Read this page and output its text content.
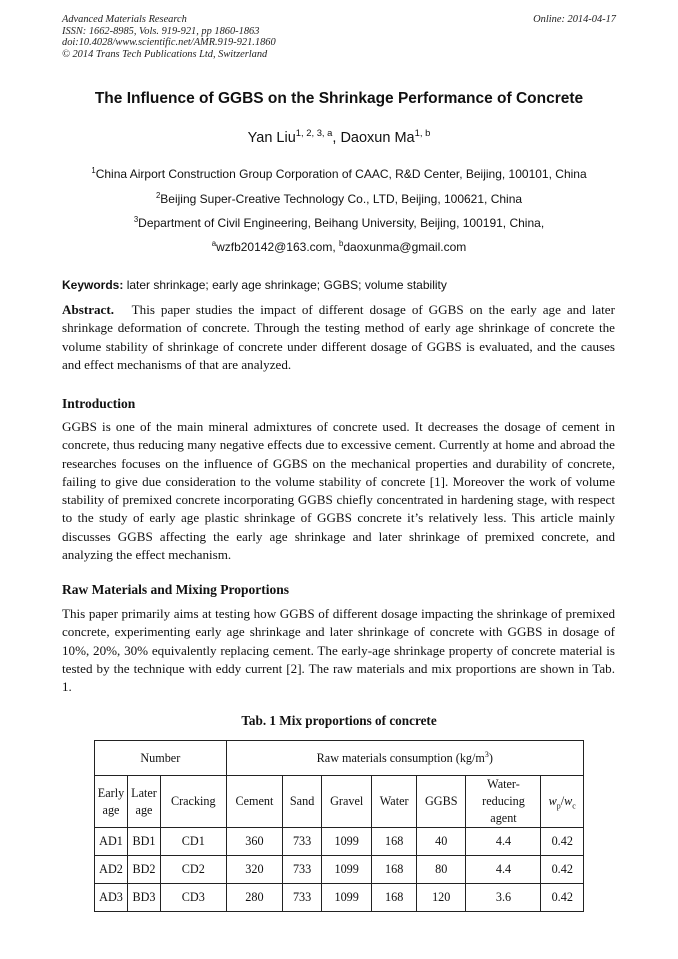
Advanced Materials Research
ISSN: 1662-8985, Vols. 919-921, pp 1860-1863
doi:10.4028/www.scientific.net/AMR.919-921.1860
© 2014 Trans Tech Publications Ltd, Switzerland
Online: 2014-04-17
The Influence of GGBS on the Shrinkage Performance of Concrete
Yan Liu$^{1, 2, 3, a}$, Daoxun Ma$^{1, b}$
$^1$China Airport Construction Group Corporation of CAAC, R&D Center, Beijing, 100101, China
$^2$Beijing Super-Creative Technology Co., LTD, Beijing, 100621, China
$^3$Department of Civil Engineering, Beihang University, Beijing, 100191, China,
$^a$wzfb20142@163.com, $^b$daoxunma@gmail.com
Keywords: later shrinkage; early age shrinkage; GGBS; volume stability
Abstract. This paper studies the impact of different dosage of GGBS on the early age and later shrinkage deformation of concrete. Through the testing method of early age shrinkage of concrete the volume stability of shrinkage of concrete under different dosage of GGBS is evaluated, and the causes and effect mechanisms of that are analyzed.
Introduction
GGBS is one of the main mineral admixtures of concrete used. It decreases the dosage of cement in concrete, thus reducing many negative effects due to excessive cement. Currently at home and abroad the researches focuses on the influence of GGBS on the mechanical properties and durability of concrete, failing to give due consideration to the volume stability of concrete [1]. Moreover the work of volume stability of premixed concrete incorporating GGBS chiefly concentrated in hardening stage, with respect to the study of early age plastic shrinkage of GGBS concrete it’s relatively less. This article mainly discusses GGBS affecting the early age shrinkage and later shrinkage of premixed concrete, and analyzing the effect mechanism.
Raw Materials and Mixing Proportions
This paper primarily aims at testing how GGBS of different dosage impacting the shrinkage of premixed concrete, experimenting early age shrinkage and later shrinkage of concrete with GGBS in dosage of 10%, 20%, 30% equivalently replacing cement. The early-age shrinkage property of concrete material is tested by the technique with eddy current [2]. The raw materials and mix proportions are shown in Tab. 1.
Tab. 1 Mix proportions of concrete
Number			Raw materials consumption $(kg/m^3)$						
Early age	Later age	Cracking	Cement	Sand	Gravel	Water	GGBS	Water-reducing agent	$w_p/w_c$
AD1	BD1	CD1	360	733	1099	168	40	4.4	0.42
AD2	BD2	CD2	320	733	1099	168	80	4.4	0.42
AD3	BD3	CD3	280	733	1099	168	120	3.6	0.42
